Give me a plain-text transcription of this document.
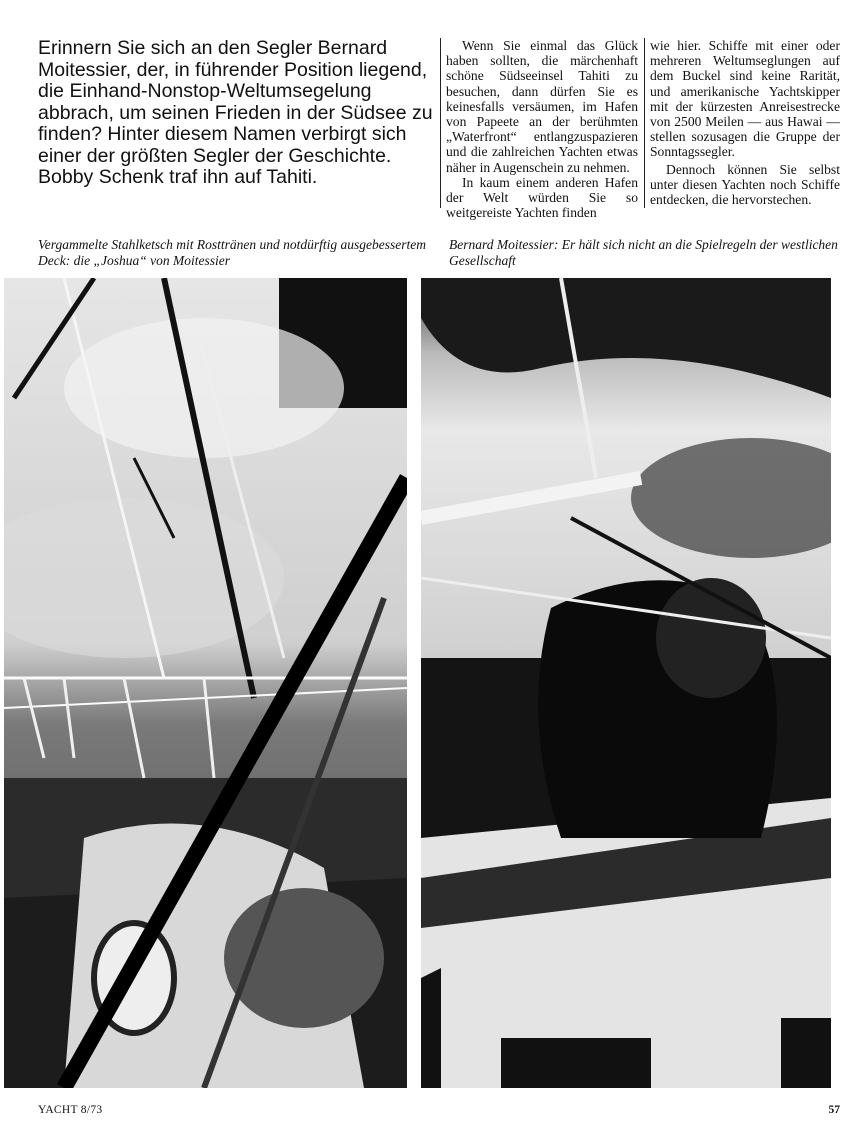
Erinnern Sie sich an den Segler Bernard Moitessier, der, in führender Position liegend, die Einhand-Nonstop-Weltumsegelung abbrach, um seinen Frieden in der Südsee zu finden? Hinter diesem Namen verbirgt sich einer der größten Segler der Geschichte. Bobby Schenk traf ihn auf Tahiti.

Wenn Sie einmal das Glück haben sollten, die märchenhaft schöne Südseeinsel Tahiti zu besuchen, dann dürfen Sie es keinesfalls versäumen, im Hafen von Papeete an der berühmten „Waterfront“ entlangzuspazieren und die zahlreichen Yachten etwas näher in Augenschein zu nehmen.

In kaum einem anderen Hafen der Welt würden Sie so weitgereiste Yachten finden

wie hier. Schiffe mit einer oder mehreren Weltumseglungen auf dem Buckel sind keine Rarität, und amerikanische Yachtskipper mit der kürzesten Anreisestrecke von 2500 Meilen — aus Hawai — stellen sozusagen die Gruppe der Sonntagssegler.

Dennoch können Sie selbst unter diesen Yachten noch Schiffe entdecken, die hervorstechen.

Vergammelte Stahlketsch mit Rosttränen und notdürftig ausgebessertem Deck: die „Joshua“ von Moitessier
Bernard Moitessier: Er hält sich nicht an die Spielregeln der westlichen Gesellschaft
YACHT 8/73	57
